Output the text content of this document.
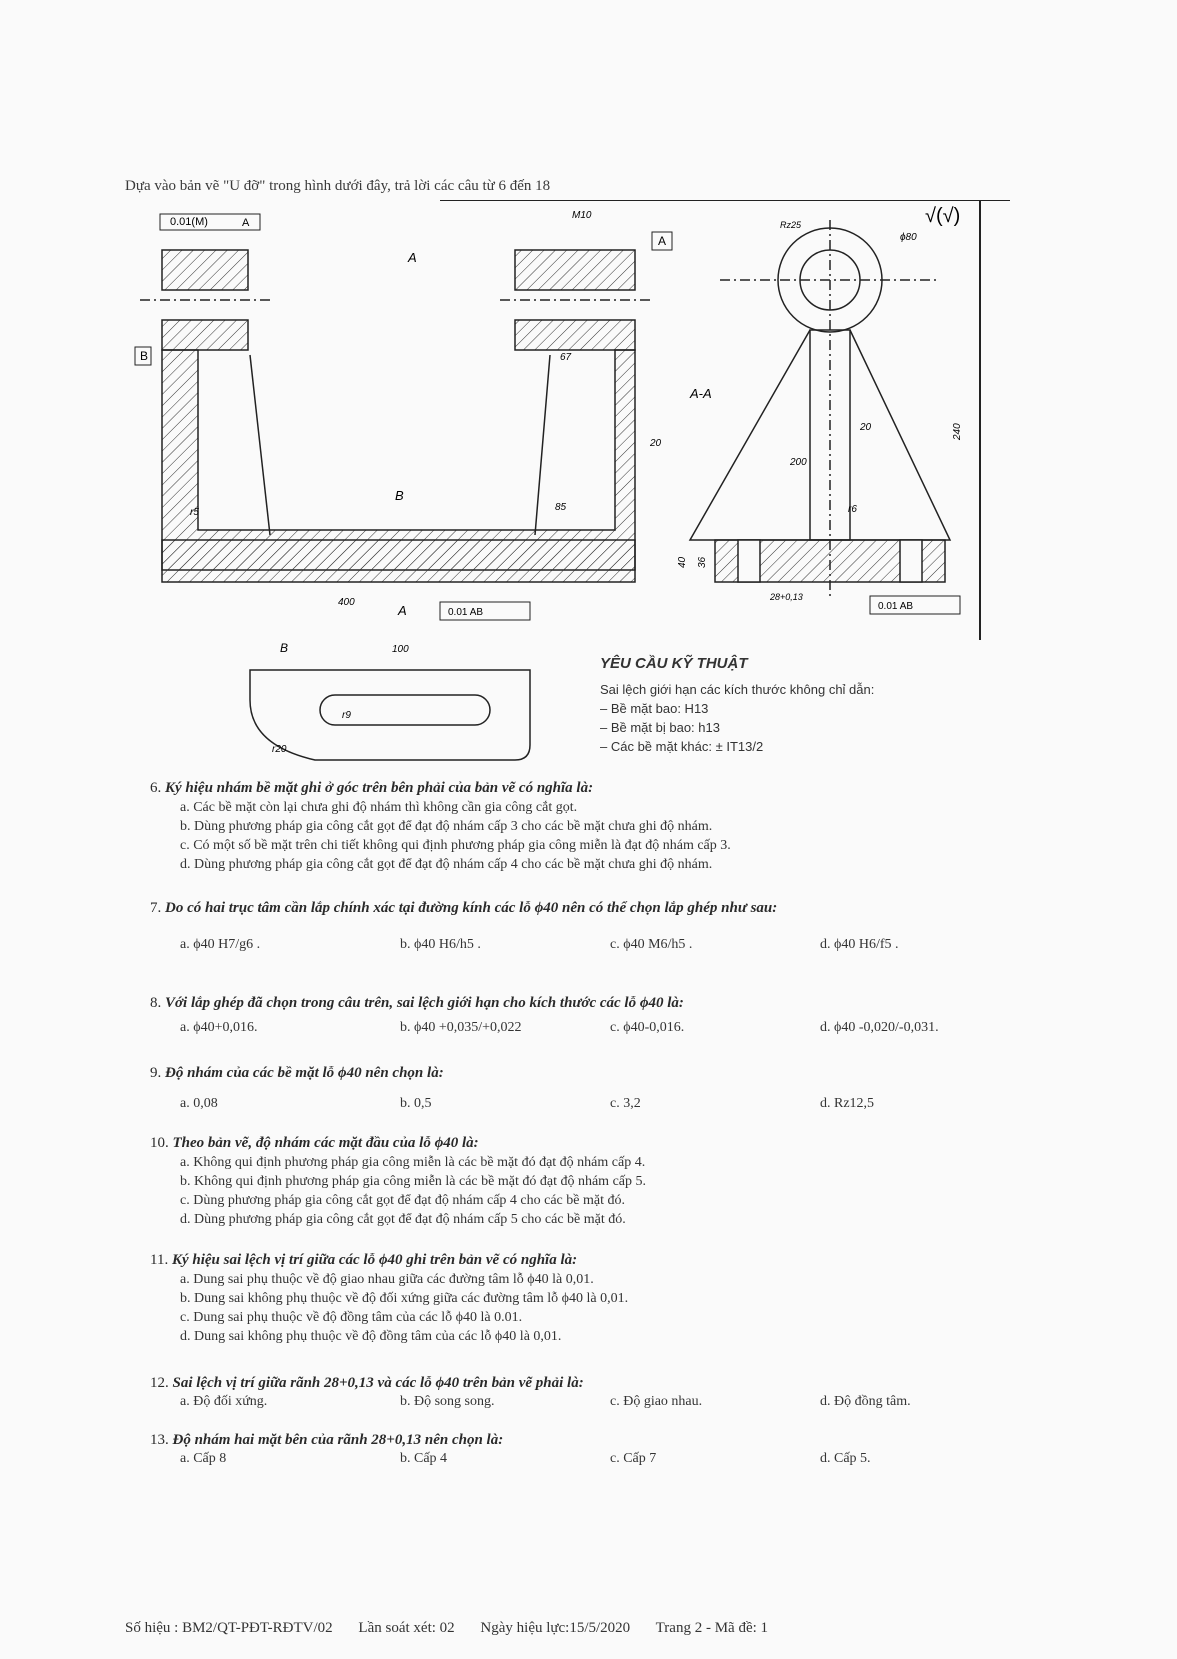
Dựa vào bản vẽ "U đỡ" trong hình dưới đây, trả lời các câu từ 6 đến 18
0.01(M)	A
A
M10
A
B
A-A
B
67
20
85
400
A	0.01 AB
20
200
240
40 36
ϕ80
28+0,13
0.01 AB
B	100
r5	r6
r9
r20
Rz25	√(√)
YÊU CẦU KỸ THUẬT
Sai lệch giới hạn các kích thước không chỉ dẫn:
– Bề mặt bao: H13
– Bề mặt bị bao: h13
– Các bề mặt khác: ± IT13/2
6. Ký hiệu nhám bề mặt ghi ở góc trên bên phải của bản vẽ có nghĩa là:
a. Các bề mặt còn lại chưa ghi độ nhám thì không cần gia công cắt gọt.
b. Dùng phương pháp gia công cắt gọt để đạt độ nhám cấp 3 cho các bề mặt chưa ghi độ nhám.
c. Có một số bề mặt trên chi tiết không qui định phương pháp gia công miễn là đạt độ nhám cấp 3.
d. Dùng phương pháp gia công cắt gọt để đạt độ nhám cấp 4 cho các bề mặt chưa ghi độ nhám.
7. Do có hai trục tâm cần lắp chính xác tại đường kính các lỗ ϕ40 nên có thể chọn lắp ghép như sau:
a. ϕ40 H7/g6 .	b. ϕ40 H6/h5 .	c. ϕ40 M6/h5 .	d. ϕ40 H6/f5 .
8. Với lắp ghép đã chọn trong câu trên, sai lệch giới hạn cho kích thước các lỗ ϕ40 là:
a. ϕ40+0,016.	b. ϕ40 +0,035/+0,022	c. ϕ40-0,016.	d. ϕ40 -0,020/-0,031.
9. Độ nhám của các bề mặt lỗ ϕ40 nên chọn là:
a. 0,08	b. 0,5	c. 3,2	d. Rz12,5
10. Theo bản vẽ, độ nhám các mặt đầu của lỗ ϕ40 là:
a. Không qui định phương pháp gia công miễn là các bề mặt đó đạt độ nhám cấp 4.
b. Không qui định phương pháp gia công miễn là các bề mặt đó đạt độ nhám cấp 5.
c. Dùng phương pháp gia công cắt gọt để đạt độ nhám cấp 4 cho các bề mặt đó.
d. Dùng phương pháp gia công cắt gọt để đạt độ nhám cấp 5 cho các bề mặt đó.
11. Ký hiệu sai lệch vị trí giữa các lỗ ϕ40 ghi trên bản vẽ có nghĩa là:
a. Dung sai phụ thuộc về độ giao nhau giữa các đường tâm lỗ ϕ40 là 0,01.
b. Dung sai không phụ thuộc về độ đối xứng giữa các đường tâm lỗ ϕ40 là 0,01.
c. Dung sai phụ thuộc về độ đồng tâm của các lỗ ϕ40 là 0.01.
d. Dung sai không phụ thuộc về độ đồng tâm của các lỗ ϕ40 là 0,01.
12. Sai lệch vị trí giữa rãnh 28+0,13 và các lỗ ϕ40 trên bản vẽ phải là:
a. Độ đối xứng.	b. Độ song song.	c. Độ giao nhau.	d. Độ đồng tâm.
13. Độ nhám hai mặt bên của rãnh 28+0,13 nên chọn là:
a. Cấp 8	b. Cấp 4	c. Cấp 7	d. Cấp 5.
Số hiệu : BM2/QT-PĐT-RĐTV/02 Lần soát xét: 02 Ngày hiệu lực:15/5/2020 Trang 2 - Mã đề: 1
